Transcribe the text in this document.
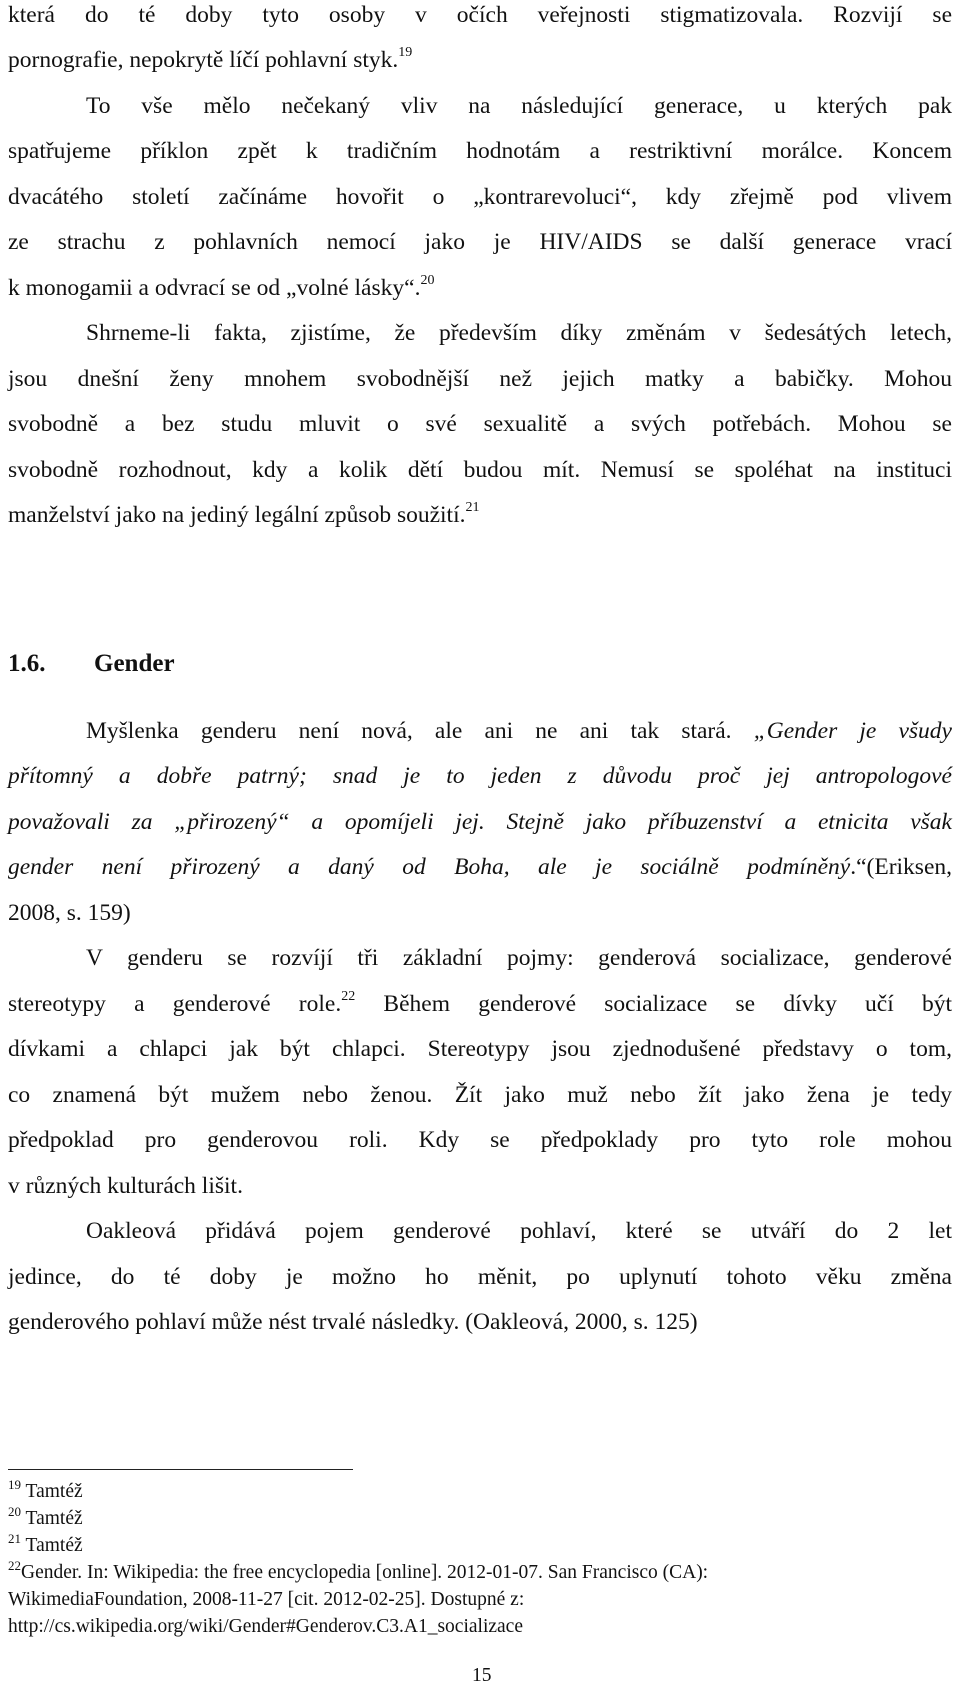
která do té doby tyto osoby v očích veřejnosti stigmatizovala. Rozvijí se
pornografie, nepokrytě líčí pohlavní styk.$^{19}$
To vše mělo nečekaný vliv na následující generace, u kterých pak
spatřujeme příklon zpět k tradičním hodnotám a restriktivní morálce. Koncem
dvacátého století začínáme hovořit o „kontrarevoluci“, kdy zřejmě pod vlivem
ze strachu z pohlavních nemocí jako je HIV/AIDS se další generace vrací
k monogamii a odvrací se od „volné lásky“.$^{20}$
Shrneme-li fakta, zjistíme, že především díky změnám v šedesátých letech,
jsou dnešní ženy mnohem svobodnější než jejich matky a babičky. Mohou
svobodně a bez studu mluvit o své sexualitě a svých potřebách. Mohou se
svobodně rozhodnout, kdy a kolik dětí budou mít. Nemusí se spoléhat na instituci
manželství jako na jediný legální způsob soužití.$^{21}$
1.6. Gender
Myšlenka genderu není nová, ale ani ne ani tak stará. „Gender je všudy
přítomný a dobře patrný; snad je to jeden z důvodu proč jej antropologové
považovali za „přirozený“ a opomíjeli jej. Stejně jako příbuzenství a etnicita však
gender není přirozený a daný od Boha, ale je sociálně podmíněný.“(Eriksen,
2008, s. 159)
V genderu se rozvíjí tři základní pojmy: genderová socializace, genderové
stereotypy a genderové role.$^{22}$ Během genderové socializace se dívky učí být
dívkami a chlapci jak být chlapci. Stereotypy jsou zjednodušené představy o tom,
co znamená být mužem nebo ženou. Žít jako muž nebo žít jako žena je tedy
předpoklad pro genderovou roli. Kdy se předpoklady pro tyto role mohou
v různých kulturách lišit.
Oakleová přidává pojem genderové pohlaví, které se utváří do 2 let
jedince, do té doby je možno ho měnit, po uplynutí tohoto věku změna
genderového pohlaví může nést trvalé následky. (Oakleová, 2000, s. 125)
$^{19}$ Tamtéž
$^{20}$ Tamtéž
$^{21}$ Tamtéž
$^{22}$Gender. In: Wikipedia: the free encyclopedia [online]. 2012-01-07. San Francisco (CA):
WikimediaFoundation, 2008-11-27 [cit. 2012-02-25]. Dostupné z:
http://cs.wikipedia.org/wiki/Gender#Genderov.C3.A1_socializace
15
